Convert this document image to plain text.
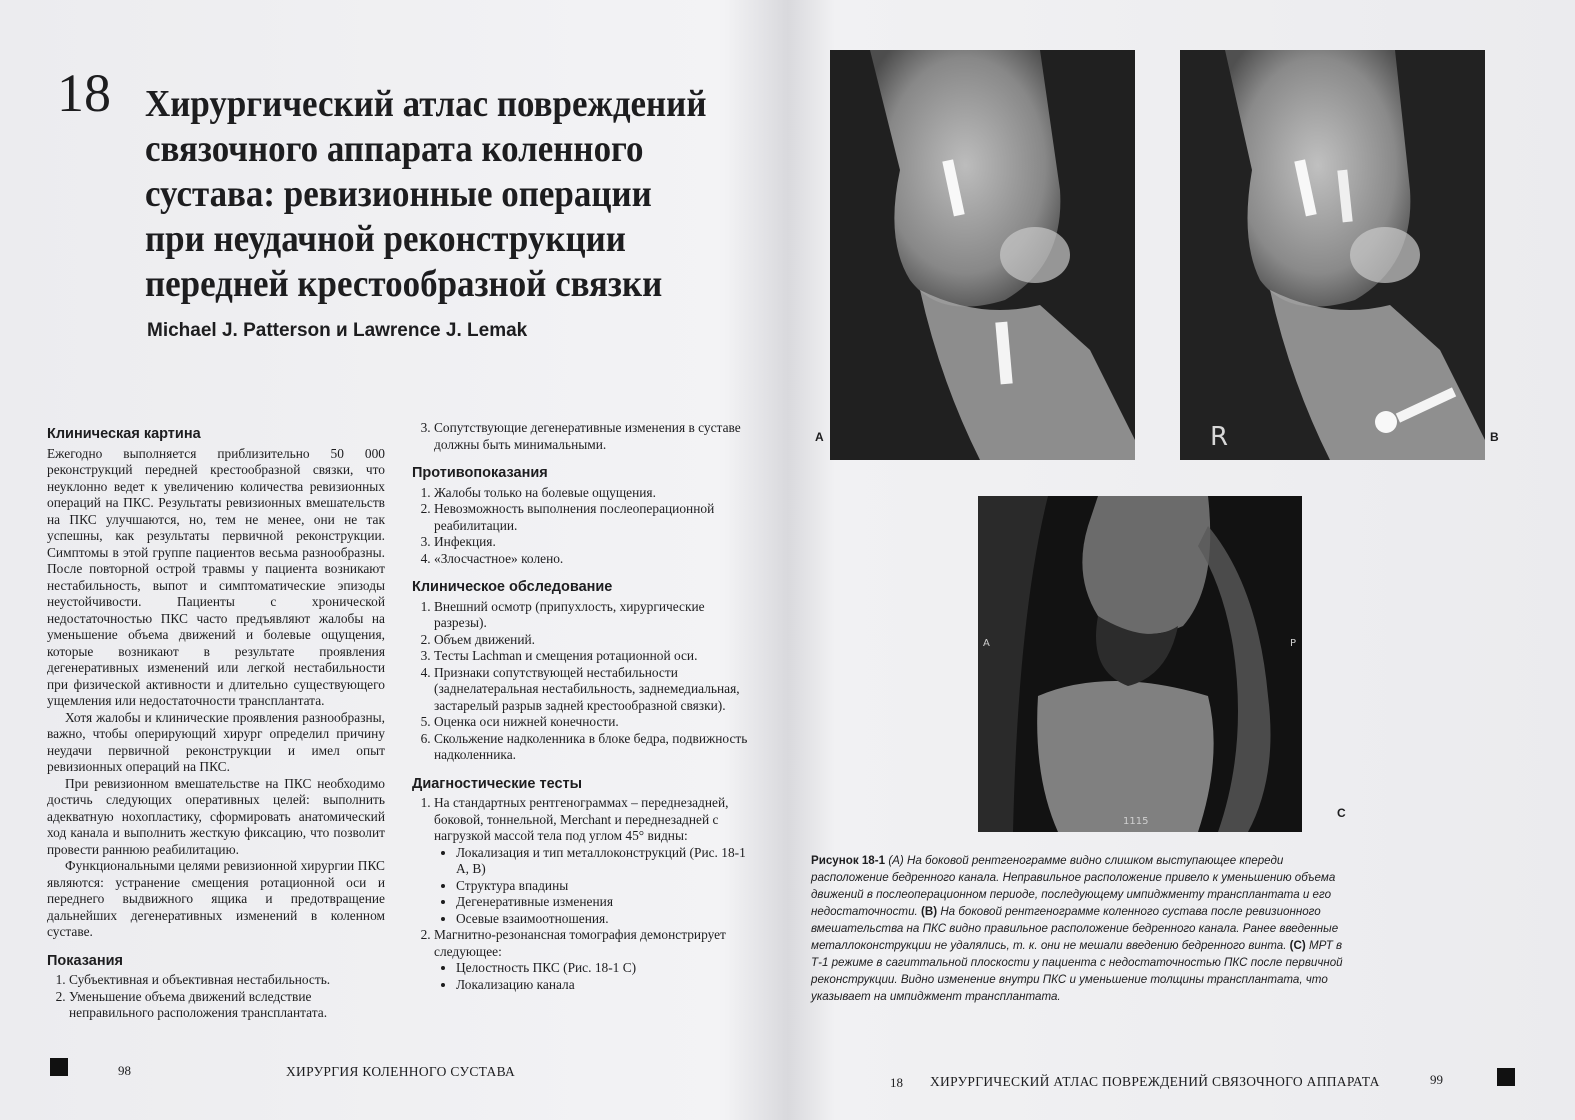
18 Хирургический атлас повреждений
связочного аппарата коленного
сустава: ревизионные операции
при неудачной реконструкции
передней крестообразной связки
Michael J. Patterson и Lawrence J. Lemak
Клиническая картина

Ежегодно выполняется приблизительно 50 000 реконструкций передней крестообразной связки, что неуклонно ведет к увеличению количества ревизионных операций на ПКС. Результаты ревизионных вмешательств на ПКС улучшаются, но, тем не менее, они не так успешны, как результаты первичной реконструкции. Симптомы в этой группе пациентов весьма разнообразны. После повторной острой травмы у пациента возникают нестабильность, выпот и симптоматические эпизоды неустойчивости. Пациенты с хронической недостаточностью ПКС часто предъявляют жалобы на уменьшение объема движений и болевые ощущения, которые возникают в результате проявления дегенеративных изменений или легкой нестабильности при физической активности и длительно существующего ущемления или недостаточности трансплантата.

Хотя жалобы и клинические проявления разнообразны, важно, чтобы оперирующий хирург определил причину неудачи первичной реконструкции и имел опыт ревизионных операций на ПКС.

При ревизионном вмешательстве на ПКС необходимо достичь следующих оперативных целей: выполнить адекватную нохопластику, сформировать анатомический ход канала и выполнить жесткую фиксацию, что позволит провести раннюю реабилитацию.

Функциональными целями ревизионной хирургии ПКС являются: устранение смещения ротационной оси и переднего выдвижного ящика и предотвращение дальнейших дегенеративных изменений в коленном суставе.

Показания
1. Субъективная и объективная нестабильность.
2. Уменьшение объема движений вследствие неправильного расположения трансплантата.
3. Сопутствующие дегенеративные изменения в суставе должны быть минимальными.
Противопоказания
1. Жалобы только на болевые ощущения.
2. Невозможность выполнения послеоперационной реабилитации.
3. Инфекция.
4. «Злосчастное» колено.
Клиническое обследование
1. Внешний осмотр (припухлость, хирургические разрезы).
2. Объем движений.
3. Тесты Lachman и смещения ротационной оси.
4. Признаки сопутствующей нестабильности (заднелатеральная нестабильность, заднемедиальная, застарелый разрыв задней крестообразной связки).
5. Оценка оси нижней конечности.
6. Скольжение надколенника в блоке бедра, подвижность надколенника.
Диагностические тесты
1. На стандартных рентгенограммах – переднезадней, боковой, тоннельной, Merchant и переднезадней с нагрузкой массой тела под углом 45° видны:
• Локализация и тип металлоконструкций (Рис. 18-1 А, В)
• Структура впадины
• Дегенеративные изменения
• Осевые взаимоотношения.
2. Магнитно-резонансная томография демонстрирует следующее:
• Целостность ПКС (Рис. 18-1 С)
• Локализацию канала
98	ХИРУРГИЯ КОЛЕННОГО СУСТАВА
A	R	B
A	P
1115
C
Рисунок 18-1 (A) На боковой рентгенограмме видно слишком выступающее кпереди расположение бедренного канала. Неправильное расположение привело к уменьшению объема движений в послеоперационном периоде, последующему импиджменту трансплантата и его недостаточности. (B) На боковой рентгенограмме коленного сустава после ревизионного вмешательства на ПКС видно правильное расположение бедренного канала. Ранее введенные металлоконструкции не удалялись, т. к. они не мешали введению бедренного винта. (C) МРТ в Т-1 режиме в сагиттальной плоскости у пациента с недостаточностью ПКС после первичной реконструкции. Видно изменение внутри ПКС и уменьшение толщины трансплантата, что указывает на импиджмент трансплантата.
18 ХИРУРГИЧЕСКИЙ АТЛАС ПОВРЕЖДЕНИЙ СВЯЗОЧНОГО АППАРАТА	99
